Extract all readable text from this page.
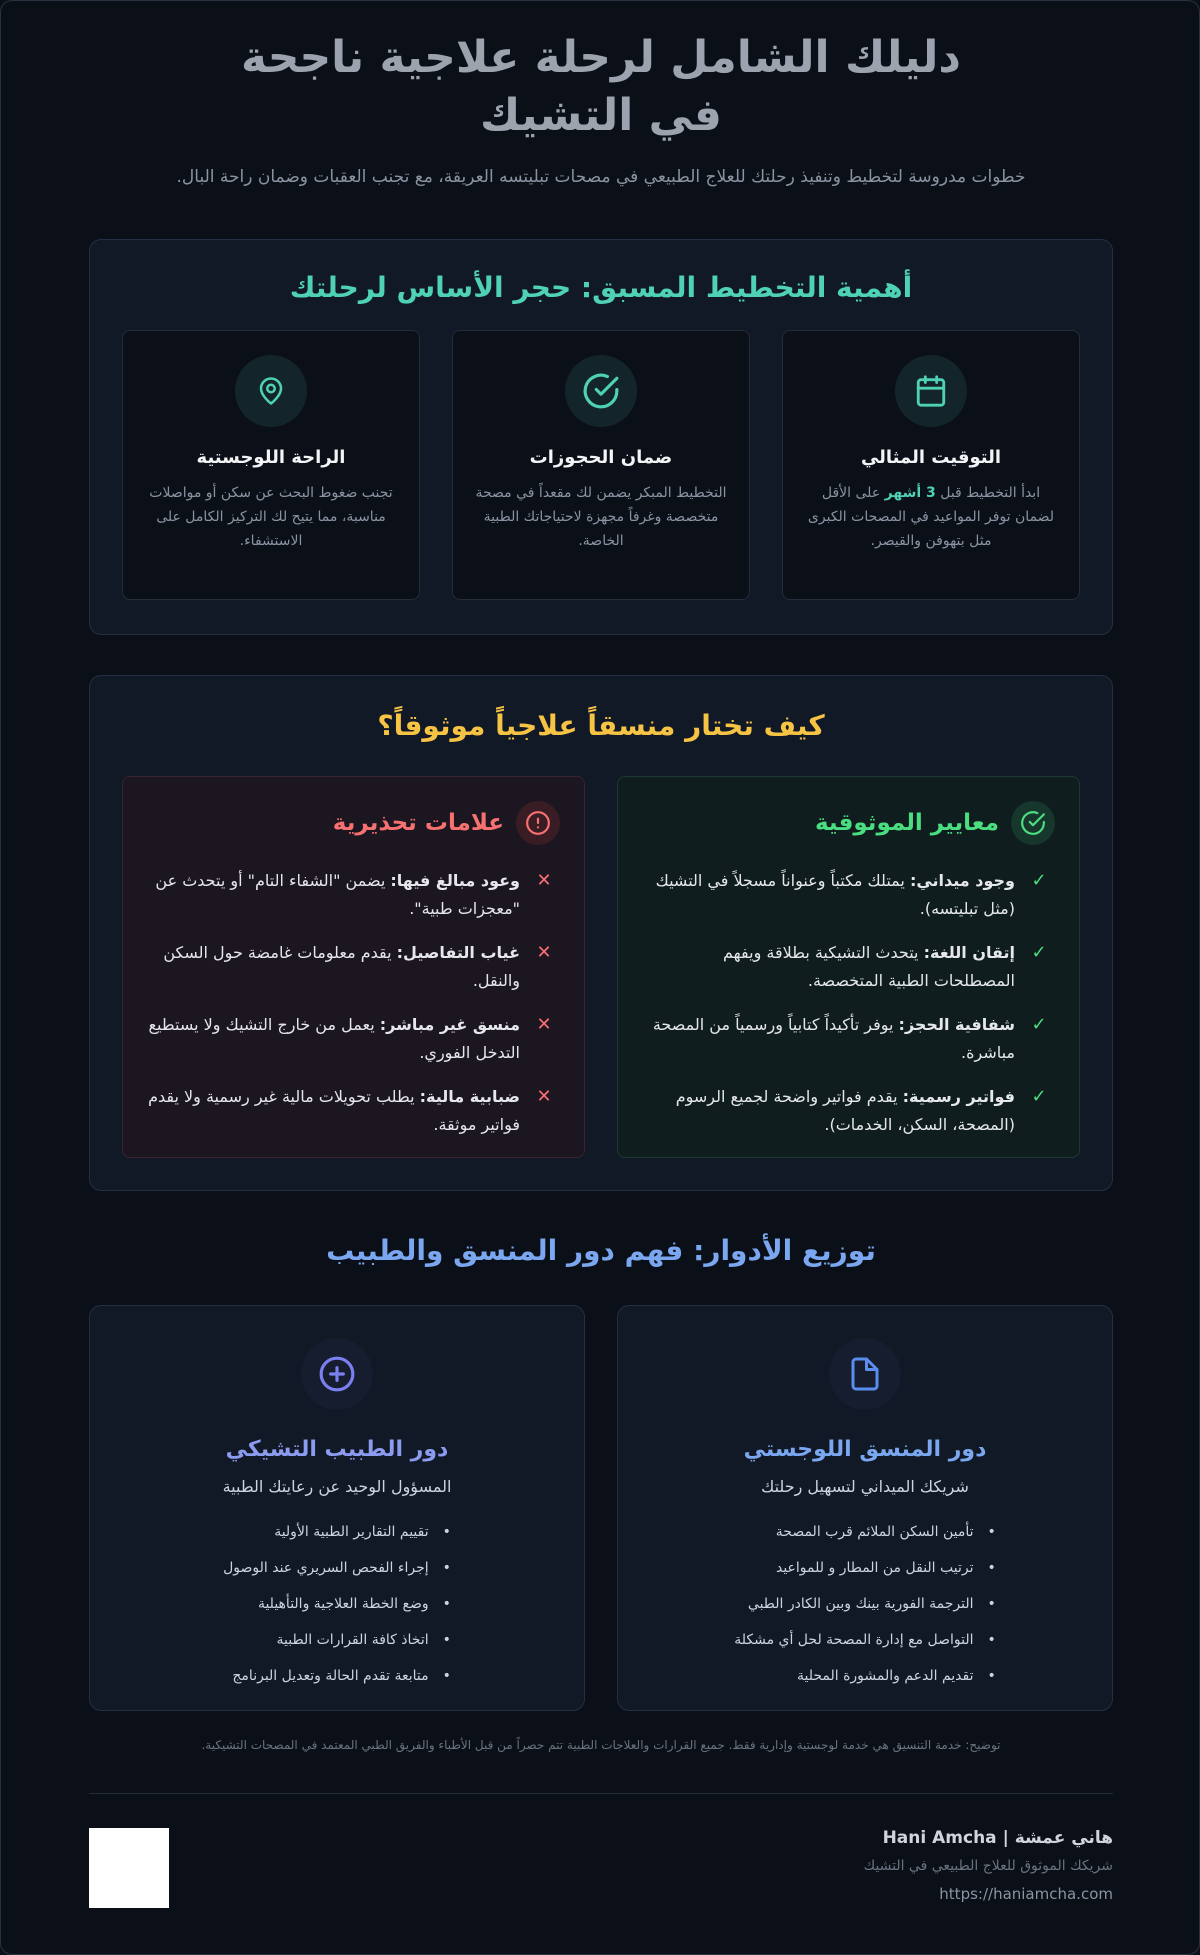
دليلك الشامل لرحلة علاجية ناجحة في التشيك

خطوات مدروسة لتخطيط وتنفيذ رحلتك للعلاج الطبيعي في مصحات تبليتسه العريقة، مع تجنب العقبات وضمان راحة البال.

أهمية التخطيط المسبق: حجر الأساس لرحلتك
التوقيت المثالي

ابدأ التخطيط قبل 3 أشهر على الأقل لضمان توفر المواعيد في المصحات الكبرى مثل بتهوفن والقيصر.

ضمان الحجوزات

التخطيط المبكر يضمن لك مقعداً في مصحة متخصصة وغرفاً مجهزة لاحتياجاتك الطبية الخاصة.

الراحة اللوجستية

تجنب ضغوط البحث عن سكن أو مواصلات مناسبة، مما يتيح لك التركيز الكامل على الاستشفاء.

كيف تختار منسقاً علاجياً موثوقاً؟
معايير الموثوقية
✓
وجود ميداني: يمتلك مكتباً وعنواناً مسجلاً في التشيك (مثل تبليتسه).
✓
إتقان اللغة: يتحدث التشيكية بطلاقة ويفهم المصطلحات الطبية المتخصصة.
✓
شفافية الحجز: يوفر تأكيداً كتابياً ورسمياً من المصحة مباشرة.
✓
فواتير رسمية: يقدم فواتير واضحة لجميع الرسوم (المصحة، السكن، الخدمات).
علامات تحذيرية
✕
وعود مبالغ فيها: يضمن "الشفاء التام" أو يتحدث عن "معجزات طبية".
✕
غياب التفاصيل: يقدم معلومات غامضة حول السكن والنقل.
✕
منسق غير مباشر: يعمل من خارج التشيك ولا يستطيع التدخل الفوري.
✕
ضبابية مالية: يطلب تحويلات مالية غير رسمية ولا يقدم فواتير موثقة.
توزيع الأدوار: فهم دور المنسق والطبيب
دور المنسق اللوجستي

شريكك الميداني لتسهيل رحلتك

• تأمين السكن الملائم قرب المصحة
• ترتيب النقل من المطار و للمواعيد
• الترجمة الفورية بينك وبين الكادر الطبي
• التواصل مع إدارة المصحة لحل أي مشكلة
• تقديم الدعم والمشورة المحلية
دور الطبيب التشيكي

المسؤول الوحيد عن رعايتك الطبية

• تقييم التقارير الطبية الأولية
• إجراء الفحص السريري عند الوصول
• وضع الخطة العلاجية والتأهيلية
• اتخاذ كافة القرارات الطبية
• متابعة تقدم الحالة وتعديل البرنامج

توضيح: خدمة التنسيق هي خدمة لوجستية وإدارية فقط. جميع القرارات والعلاجات الطبية تتم حصراً من قبل الأطباء والفريق الطبي المعتمد في المصحات التشيكية.

هاني عمشة | Hani Amcha
شريكك الموثوق للعلاج الطبيعي في التشيك
https://haniamcha.com
